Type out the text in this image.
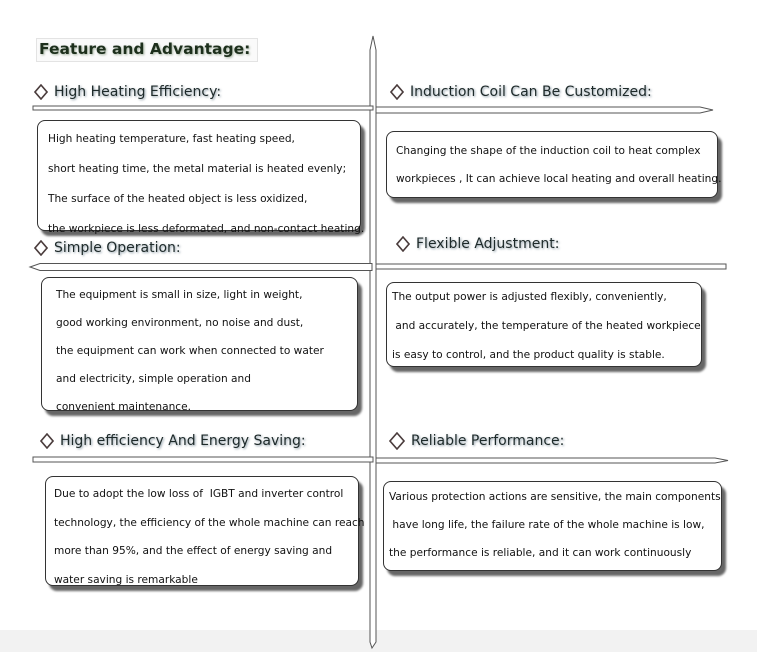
Feature and Advantage:
High Heating Efficiency:
High heating temperature, fast heating speed,
short heating time, the metal material is heated evenly;
The surface of the heated object is less oxidized,
the workpiece is less deformated, and non-contact heating.
Induction Coil Can Be Customized:
Changing the shape of the induction coil to heat complex
workpieces , It can achieve local heating and overall heating.
Simple Operation:
The equipment is small in size, light in weight,
good working environment, no noise and dust,
the equipment can work when connected to water
and electricity, simple operation and
convenient maintenance.
Flexible Adjustment:
The output power is adjusted flexibly, conveniently,
and accurately, the temperature of the heated workpiece
is easy to control, and the product quality is stable.
High efficiency And Energy Saving:
Due to adopt the low loss of  IGBT and inverter control
technology, the efficiency of the whole machine can reach
more than 95%, and the effect of energy saving and
water saving is remarkable
Reliable Performance:
Various protection actions are sensitive, the main components
have long life, the failure rate of the whole machine is low,
the performance is reliable, and it can work continuously
